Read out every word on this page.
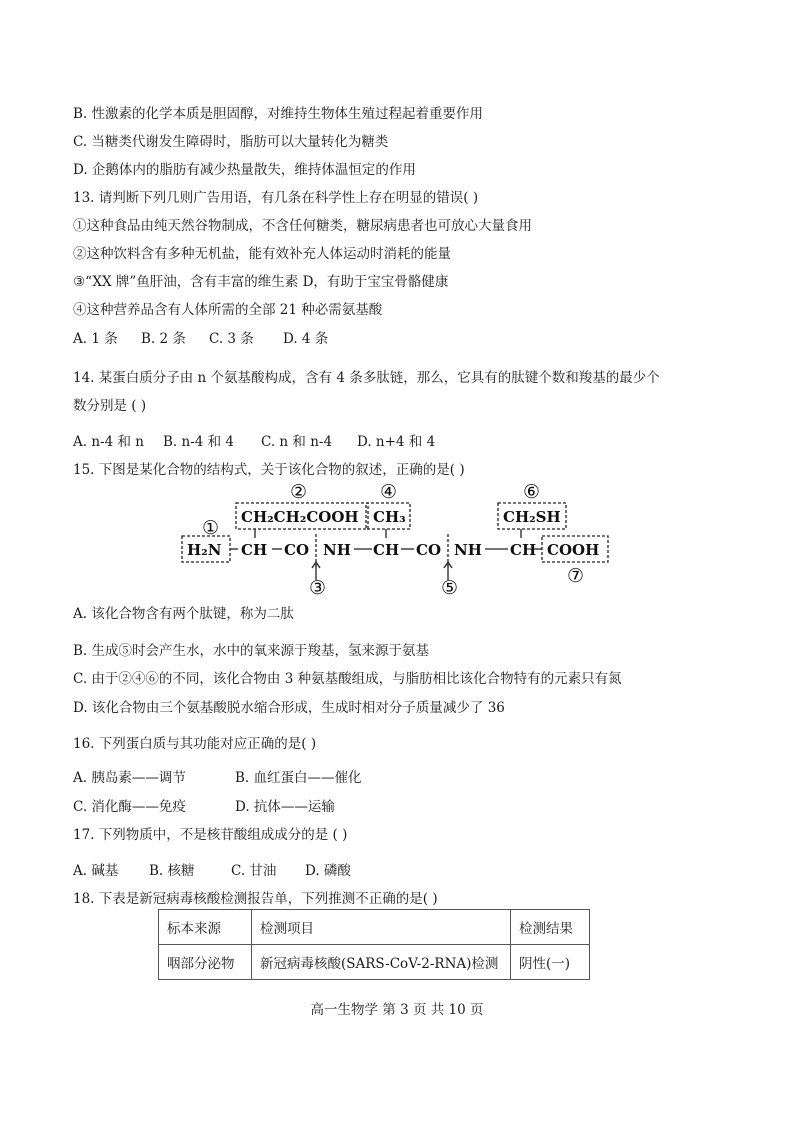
B. 性激素的化学本质是胆固醇，对维持生物体生殖过程起着重要作用
C. 当糖类代谢发生障碍时，脂肪可以大量转化为糖类
D. 企鹅体内的脂肪有减少热量散失，维持体温恒定的作用
13. 请判断下列几则广告用语，有几条在科学性上存在明显的错误( )
①这种食品由纯天然谷物制成，不含任何糖类，糖尿病患者也可放心大量食用
②这种饮料含有多种无机盐，能有效补充人体运动时消耗的能量
③“XX 牌”鱼肝油，含有丰富的维生素 D，有助于宝宝骨骼健康
④这种营养品含有人体所需的全部 21 种必需氨基酸
A. 1 条 B. 2 条 C. 3 条 D. 4 条
14. 某蛋白质分子由 n 个氨基酸构成，含有 4 条多肽链，那么，它具有的肽键个数和羧基的最少个
数分别是 ( )
A. n-4 和 n B. n-4 和 4 C. n 和 n-4 D. n+4 和 4
15. 下图是某化合物的结构式，关于该化合物的叙述，正确的是( )
H₂N
CH₂CH₂COOH CH₃	CH₂SH
COOH
CH CO NH CH CO NH CH
①
②
③
④
⑤
⑥
⑦
A. 该化合物含有两个肽键，称为二肽
B. 生成⑤时会产生水，水中的氧来源于羧基，氢来源于氨基
C. 由于②④⑥的不同，该化合物由 3 种氨基酸组成，与脂肪相比该化合物特有的元素只有氮
D. 该化合物由三个氨基酸脱水缩合形成，生成时相对分子质量减少了 36
16. 下列蛋白质与其功能对应正确的是( )
A. 胰岛素——调节	B. 血红蛋白——催化
C. 消化酶——免疫	D. 抗体——运输
17. 下列物质中，不是核苷酸组成成分的是 ( )
A. 碱基 B. 核糖	C. 甘油 D. 磷酸
18. 下表是新冠病毒核酸检测报告单，下列推测不正确的是( )
标本来源	检测项目	检测结果
咽部分泌物	新冠病毒核酸(SARS-CoV-2-RNA)检测	阴性(一)
高一生物学 第 3 页 共 10 页
